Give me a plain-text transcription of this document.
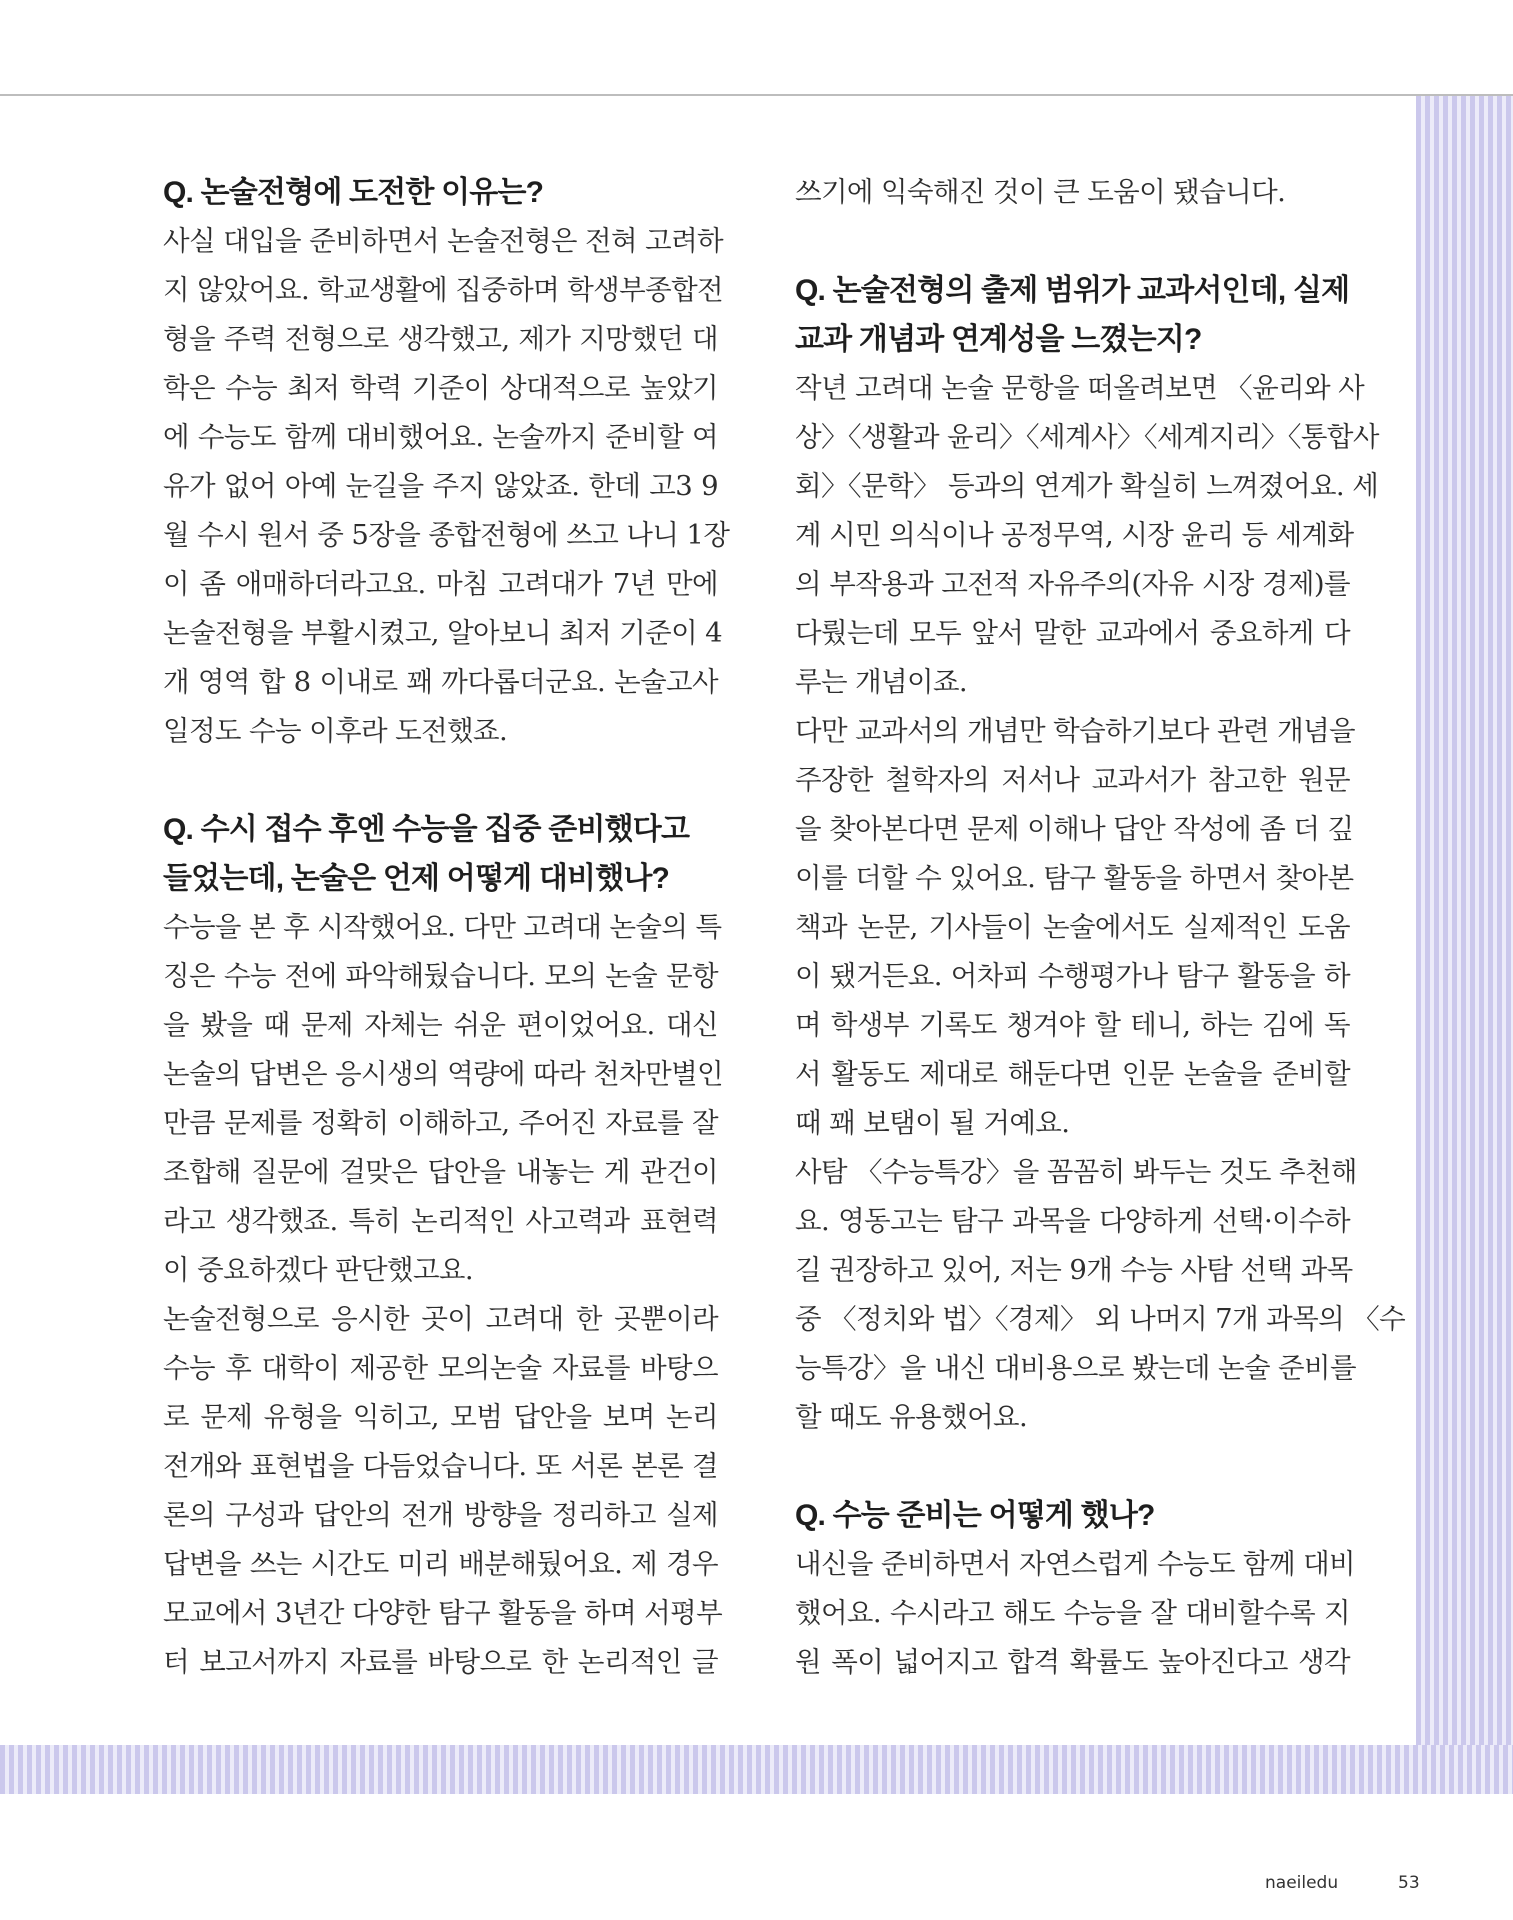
Q. 논술전형에 도전한 이유는?
사실 대입을 준비하면서 논술전형은 전혀 고려하
지 않았어요. 학교생활에 집중하며 학생부종합전
형을 주력 전형으로 생각했고, 제가 지망했던 대
학은 수능 최저 학력 기준이 상대적으로 높았기
에 수능도 함께 대비했어요. 논술까지 준비할 여
유가 없어 아예 눈길을 주지 않았죠. 한데 고3 9
월 수시 원서 중 5장을 종합전형에 쓰고 나니 1장
이 좀 애매하더라고요. 마침 고려대가 7년 만에
논술전형을 부활시켰고, 알아보니 최저 기준이 4
개 영역 합 8 이내로 꽤 까다롭더군요. 논술고사
일정도 수능 이후라 도전했죠.
Q. 수시 접수 후엔 수능을 집중 준비했다고
들었는데, 논술은 언제 어떻게 대비했나?
수능을 본 후 시작했어요. 다만 고려대 논술의 특
징은 수능 전에 파악해뒀습니다. 모의 논술 문항
을 봤을 때 문제 자체는 쉬운 편이었어요. 대신
논술의 답변은 응시생의 역량에 따라 천차만별인
만큼 문제를 정확히 이해하고, 주어진 자료를 잘
조합해 질문에 걸맞은 답안을 내놓는 게 관건이
라고 생각했죠. 특히 논리적인 사고력과 표현력
이 중요하겠다 판단했고요.
논술전형으로 응시한 곳이 고려대 한 곳뿐이라
수능 후 대학이 제공한 모의논술 자료를 바탕으
로 문제 유형을 익히고, 모범 답안을 보며 논리
전개와 표현법을 다듬었습니다. 또 서론 본론 결
론의 구성과 답안의 전개 방향을 정리하고 실제
답변을 쓰는 시간도 미리 배분해뒀어요. 제 경우
모교에서 3년간 다양한 탐구 활동을 하며 서평부
터 보고서까지 자료를 바탕으로 한 논리적인 글
쓰기에 익숙해진 것이 큰 도움이 됐습니다.
Q. 논술전형의 출제 범위가 교과서인데, 실제
교과 개념과 연계성을 느꼈는지?
작년 고려대 논술 문항을 떠올려보면 〈윤리와 사
상〉〈생활과 윤리〉〈세계사〉〈세계지리〉〈통합사
회〉〈문학〉 등과의 연계가 확실히 느껴졌어요. 세
계 시민 의식이나 공정무역, 시장 윤리 등 세계화
의 부작용과 고전적 자유주의(자유 시장 경제)를
다뤘는데 모두 앞서 말한 교과에서 중요하게 다
루는 개념이죠.
다만 교과서의 개념만 학습하기보다 관련 개념을
주장한 철학자의 저서나 교과서가 참고한 원문
을 찾아본다면 문제 이해나 답안 작성에 좀 더 깊
이를 더할 수 있어요. 탐구 활동을 하면서 찾아본
책과 논문, 기사들이 논술에서도 실제적인 도움
이 됐거든요. 어차피 수행평가나 탐구 활동을 하
며 학생부 기록도 챙겨야 할 테니, 하는 김에 독
서 활동도 제대로 해둔다면 인문 논술을 준비할
때 꽤 보탬이 될 거예요.
사탐 〈수능특강〉을 꼼꼼히 봐두는 것도 추천해
요. 영동고는 탐구 과목을 다양하게 선택·이수하
길 권장하고 있어, 저는 9개 수능 사탐 선택 과목
중 〈정치와 법〉〈경제〉 외 나머지 7개 과목의 〈수
능특강〉을 내신 대비용으로 봤는데 논술 준비를
할 때도 유용했어요.
Q. 수능 준비는 어떻게 했나?
내신을 준비하면서 자연스럽게 수능도 함께 대비
했어요. 수시라고 해도 수능을 잘 대비할수록 지
원 폭이 넓어지고 합격 확률도 높아진다고 생각
naeiledu	53
